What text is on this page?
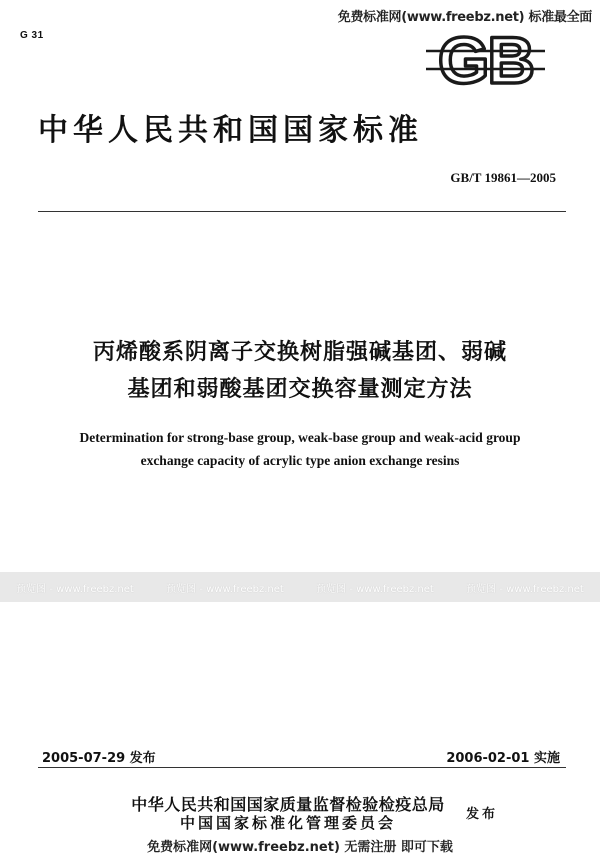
G 31
免费标准网(www.freebz.net) 标准最全面
GB
中华人民共和国国家标准
GB/T 19861—2005
丙烯酸系阴离子交换树脂强碱基团、弱碱
基团和弱酸基团交换容量测定方法
Determination for strong-base group, weak-base group and weak-acid group
exchange capacity of acrylic type anion exchange resins
预览图 - www.freebz.net	预览图 - www.freebz.net	预览图 - www.freebz.net	预览图 - www.freebz.net
2005-07-29 发布	2006-02-01 实施
中华人民共和国国家质量监督检验检疫总局
中国国家标准化管理委员会	发布
免费标准网(www.freebz.net) 无需注册 即可下载
